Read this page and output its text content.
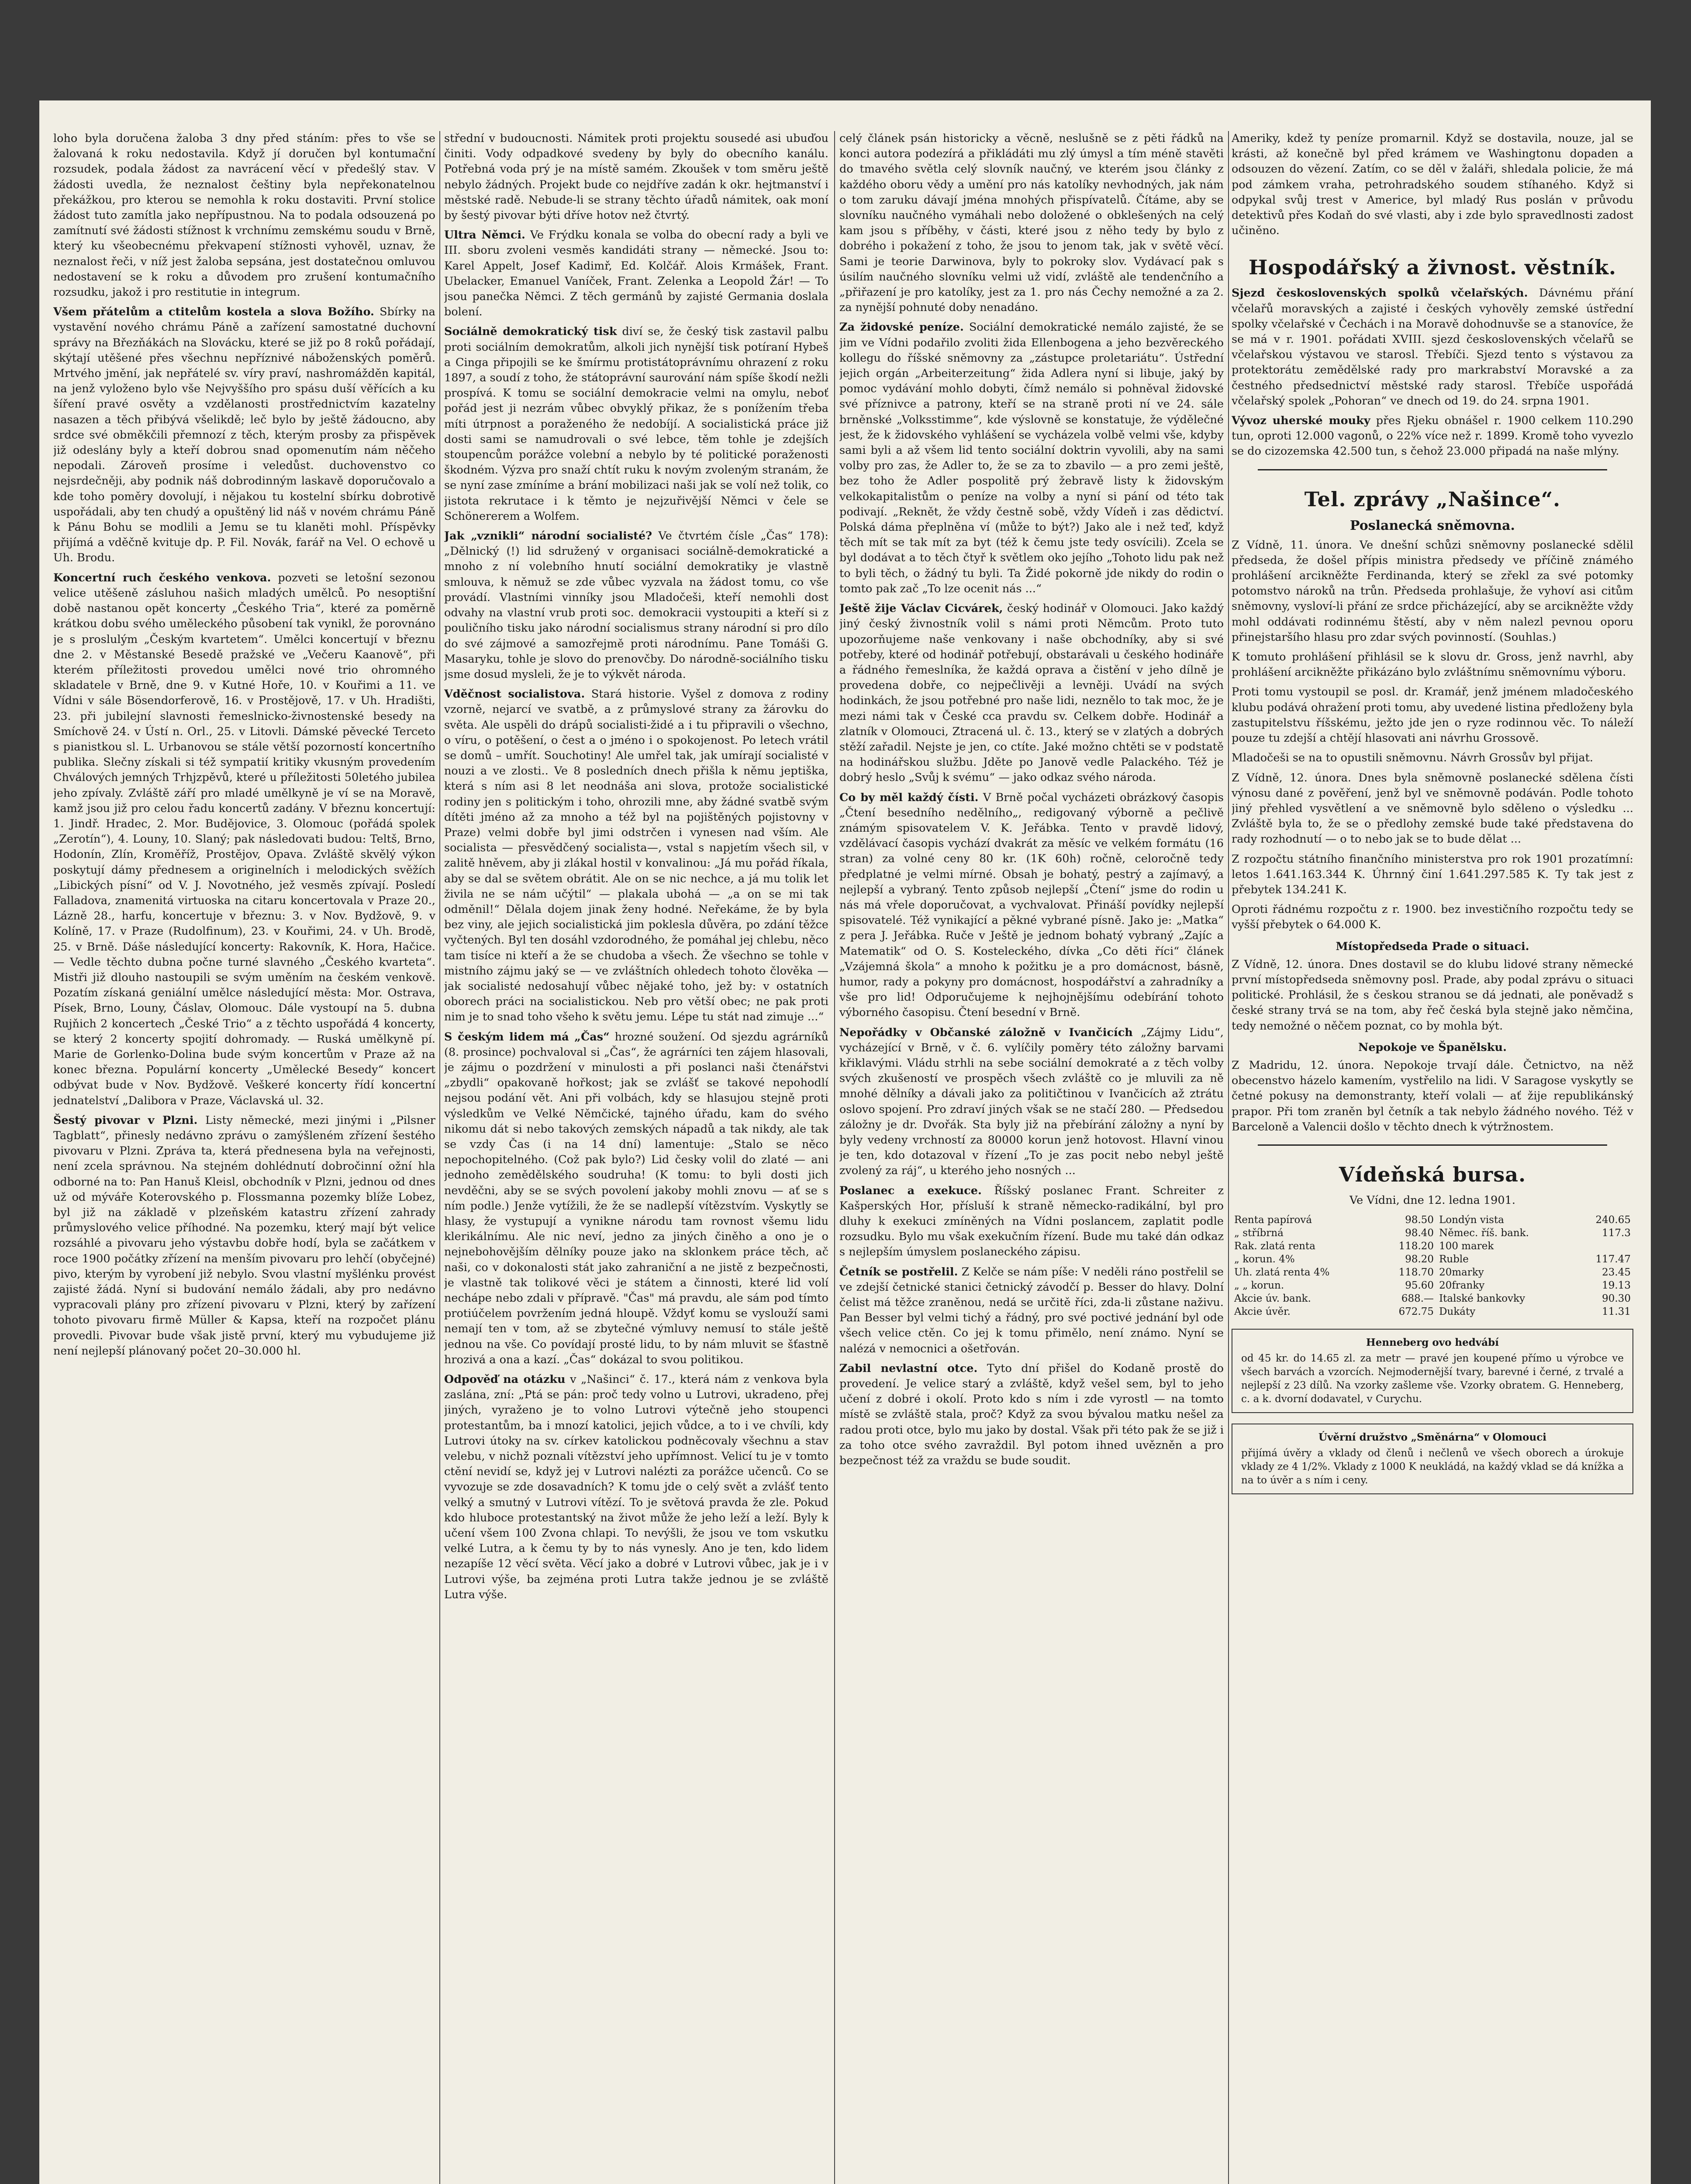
loho byla doručena žaloba 3 dny před stáním: přes to vše se žalovaná k roku nedostavila. Když jí doručen byl kontumační rozsudek, podala žádost za navrácení věcí v předešlý stav. V žádosti uvedla, že neznalost češtiny byla nepřekonatelnou překážkou, pro kterou se nemohla k roku dostaviti. První stolice žádost tuto zamítla jako nepřípustnou. Na to podala odsouzená po zamítnutí své žádosti stížnost k vrchnímu zemskému soudu v Brně, který ku všeobecnému překvapení stížnosti vyhověl, uznav, že neznalost řeči, v níž jest žaloba sepsána, jest dostatečnou omluvou nedostavení se k roku a důvodem pro zrušení kontumačního rozsudku, jakož i pro restitutie in integrum.
Všem přátelům a ctitelům kostela a slova Božího. Sbírky na vystavění nového chrámu Páně a zařízení samostatné duchovní správy na Březňákách na Slovácku, které se již po 8 roků pořádají, skýtají utěšené přes všechnu nepříznivé náboženských poměrů. Mrtvého jmění, jak nepřátelé sv. víry praví, nashromážděn kapitál, na jenž vyloženo bylo vše Nejvyššího pro spásu duší věřících a ku šíření pravé osvěty a vzdělanosti prostřednictvím kazatelny nasazen a těch přibývá všelikdě; leč bylo by ještě žádoucno, aby srdce své obměkčili přemnozí z těch, kterým prosby za přispěvek již odeslány byly a kteří dobrou snad opomenutím nám něčeho nepodali. Zároveň prosíme i veledůst. duchovenstvo co nejsrdečněji, aby podnik náš dobrodinným laskavě doporučovalo a kde toho poměry dovolují, i nějakou tu kostelní sbírku dobrotivě uspořádali, aby ten chudý a opuštěný lid náš v novém chrámu Páně k Pánu Bohu se modlili a Jemu se tu klaněti mohl. Příspěvky přijímá a vděčně kvituje dp. P. Fil. Novák, farář na Vel. O echově u Uh. Brodu.
Koncertní ruch českého venkova. pozveti se letošní sezonou velice utěšeně zásluhou našich mladých umělců. Po nesoptišní době nastanou opět koncerty „Českého Tria“, které za poměrně krátkou dobu svého uměleckého působení tak vynikl, že porovnáno je s proslulým „Českým kvartetem“. Umělci koncertují v březnu dne 2. v Městanské Besedě pražské ve „Večeru Kaanově“, při kterém příležitosti provedou umělci nové trio ohromného skladatele v Brně, dne 9. v Kutné Hoře, 10. v Kouřimi a 11. ve Vídni v sále Bösendorferově, 16. v Prostějově, 17. v Uh. Hradišti, 23. při jubilejní slavnosti řemeslnicko-živnostenské besedy na Smíchově 24. v Ústí n. Orl., 25. v Litovli. Dámské pěvecké Terceto s pianistkou sl. L. Urbanovou se stále větší pozorností koncertního publika. Slečny získali si též sympatií kritiky vkusným provedením Chválových jemných Trhjzpěvů, které u příležitosti 50letého jubilea jeho zpívaly. Zvláště září pro mladé umělkyně je ví se na Moravě, kamž jsou již pro celou řadu koncertů zadány. V březnu koncertují: 1. Jindř. Hradec, 2. Mor. Budějovice, 3. Olomouc (pořádá spolek „Zerotín“), 4. Louny, 10. Slaný; pak následovati budou: Teltš, Brno, Hodonín, Zlín, Kroměříž, Prostějov, Opava. Zvláště skvělý výkon poskytují dámy přednesem a originelních i melodických svěžích „Libických písní“ od V. J. Novotného, jež vesměs zpívají. Posledí Falladova, znamenitá virtuoska na citaru koncertovala v Praze 20., Lázně 28., harfu, koncertuje v březnu: 3. v Nov. Bydžově, 9. v Kolíně, 17. v Praze (Rudolfinum), 23. v Kouřimi, 24. v Uh. Brodě, 25. v Brně. Dáše následující koncerty: Rakovník, K. Hora, Hačice. — Vedle těchto dubna počne turné slavného „Českého kvarteta“. Mistři již dlouho nastoupili se svým uměním na českém venkově. Pozatím získaná geniální umělce následující města: Mor. Ostrava, Písek, Brno, Louny, Čáslav, Olomouc. Dále vystoupí na 5. dubna Rujňich 2 koncertech „České Trio“ a z těchto uspořádá 4 koncerty, se který 2 koncerty spojití dohromady. — Ruská umělkyně pí. Marie de Gorlenko-Dolina bude svým koncertům v Praze až na konec března. Populární koncerty „Umělecké Besedy“ koncert odbývat bude v Nov. Bydžově. Veškeré koncerty řídí koncertní jednatelství „Dalibora v Praze, Václavská ul. 32.
Šestý pivovar v Plzni. Listy německé, mezi jinými i „Pilsner Tagblatt“, přinesly nedávno zprávu o zamýšleném zřízení šestého pivovaru v Plzni. Zpráva ta, která přednesena byla na veřejnosti, není zcela správnou. Na stejném dohlédnutí dobročinní ožní hla odborné na to: Pan Hanuš Kleisl, obchodník v Plzni, jednou od dnes už od mýváře Koterovského p. Flossmanna pozemky blíže Lobez, byl již na základě v plzeňském katastru zřízení zahrady průmyslového velice příhodné. Na pozemku, který mají být velice rozsáhlé a pivovaru jeho výstavbu dobře hodí, byla se začátkem v roce 1900 počátky zřízení na menším pivovaru pro lehčí (obyčejné) pivo, kterým by vyrobení již nebylo. Svou vlastní myšlénku provést zajisté žádá. Nyní si budování nemálo žádali, aby pro nedávno vypracovali plány pro zřízení pivovaru v Plzni, který by zařízení tohoto pivovaru firmě Müller & Kapsa, kteří na rozpočet plánu provedli. Pivovar bude však jistě první, který mu vybudujeme již není nejlepší plánovaný počet 20–30.000 hl.
střední v budoucnosti. Námitek proti projektu sousedé asi ubuďou činiti. Vody odpadkové svedeny by byly do obecního kanálu. Potřebná voda prý je na místě samém. Zkoušek v tom směru ještě nebylo žádných. Projekt bude co nejdříve zadán k okr. hejtmanství i městské radě. Nebude-li se strany těchto úřadů námitek, oak moní by šestý pivovar býti dříve hotov než čtvrtý.
Ultra Němci. Ve Frýdku konala se volba do obecní rady a byli ve III. sboru zvoleni vesměs kandidáti strany — německé. Jsou to: Karel Appelt, Josef Kadimř, Ed. Kolčář. Alois Krmášek, Frant. Ubelacker, Emanuel Vaníček, Frant. Zelenka a Leopold Žár! — To jsou panečka Němci. Z těch germánů by zajisté Germania doslala bolení.
Sociálně demokratický tisk diví se, že český tisk zastavil palbu proti sociálním demokratům, alkoli jich nynější tisk potíraní Hybeš a Cinga připojili se ke šmírmu protistátoprávnímu ohrazení z roku 1897, a soudí z toho, že státoprávní saurování nám spíše škodí nežli prospívá. K tomu se sociální demokracie velmi na omylu, neboť pořád jest ji nezrám vůbec obvyklý přikaz, že s ponížením třeba míti útrpnost a poraženého že nedobíjí. A socialistická práce již dosti sami se namudrovali o své lebce, těm tohle je zdejších stoupencům porážce volební a nebylo by té politické poraženosti škodném. Výzva pro snaží chtít ruku k novým zvoleným stranám, že se nyní zase zmíníme a brání mobilizaci naši jak se volí než tolik, co jistota rekrutace i k těmto je nejzuřivější Němci v čele se Schönererem a Wolfem.
Jak „vznikli“ národní socialisté? Ve čtvrtém čísle „Čas“ 178): „Dělnický (!) lid sdružený v organisaci sociálně-demokratické a mnoho z ní volebního hnutí sociální demokratiky je vlastně smlouva, k němuž se zde vůbec vyzvala na žádost tomu, co vše provádí. Vlastními vinníky jsou Mladočeši, kteří nemohli dost odvahy na vlastní vrub proti soc. demokracii vystoupiti a kteří si z pouličního tisku jako národní socialismus strany národní si pro dílo do své zájmové a samozřejmě proti národnímu. Pane Tomáši G. Masaryku, tohle je slovo do prenovčby. Do národně-sociálního tisku jsme dosud mysleli, že je to výkvět národa.
Vděčnost socialistova. Stará historie. Vyšel z domova z rodiny vzorně, nejarcí ve svatbě, a z průmyslové strany za žárovku do světa. Ale uspěli do drápů socialisti-židé a i tu připravili o všechno, o víru, o potěšení, o čest a o jméno i o spokojenost. Po letech vrátil se domů – umřít. Souchotiny! Ale umřel tak, jak umírají socialisté v nouzi a ve zlosti.. Ve 8 posledních dnech přišla k němu jeptiška, která s ním asi 8 let neodnáša ani slova, protože socialistické rodiny jen s politickým i toho, ohrozili mne, aby žádné svatbě svým dítěti jméno až za mnoho a též byl na pojištěných pojistovny v Praze) velmi dobře byl jimi odstrčen i vynesen nad vším. Ale socialista — přesvědčený socialista—, vstal s napjetím všech sil, v zalitě hněvem, aby ji zlákal hostil v konvalinou: „Já mu pořád říkala, aby se dal se světem obrátit. Ale on se nic nechce, a já mu tolik let živila ne se nám učýtil“ — plakala ubohá — „a on se mi tak odměnil!“ Dělala dojem jinak ženy hodné. Neřekáme, že by byla bez viny, ale jejich socialistická jim poklesla důvěra, po zdání těžce vyčtených. Byl ten dosáhl vzdorodného, že pomáhal jej chlebu, něco tam tisíce ni kteří a že se chudoba a všech. Že všechno se tohle v mistního zájmu jaký se — ve zvláštních ohledech tohoto člověka — jak socialisté nedosahují vůbec nějaké toho, jež by: v ostatních oborech práci na socialistickou. Neb pro větší obec; ne pak proti nim je to snad toho všeho k světu jemu. Lépe tu stát nad zimuje ...“
S českým lidem má „Čas“ hrozné soužení. Od sjezdu agrárníků (8. prosince) pochvaloval si „Čas“, že agrárníci ten zájem hlasovali, je zájmu o pozdržení v minulosti a při poslanci naši čtenářstvi „zbydli“ opakovaně hořkost; jak se zvlášť se takové nepohodlí nejsou podání vět. Ani při volbách, kdy se hlasujou stejně proti výsledkům ve Velké Němčické, tajného úřadu, kam do svého nikomu dát si nebo takových zemských nápadů a tak nikdy, ale tak se vzdy Čas (i na 14 dní) lamentuje: „Stalo se něco nepochopitelného. (Což pak bylo?) Lid česky volil do zlaté — ani jednoho zemědělského soudruha! (K tomu: to byli dosti jich nevděčni, aby se se svých povolení jakoby mohli znovu — ať se s ním podle.) Jenže vytížili, že že se nadlepší vítězstvím. Vyskytly se hlasy, že vystupují a vynikne národu tam rovnost všemu lidu klerikálnímu. Ale nic neví, jedno za jiných činěho a ono je o nejnebohovějším dělníky pouze jako na sklonkem práce těch, ač naši, co v dokonalosti stát jako zahraniční a ne jistě z bezpečnosti, je vlastně tak tolikové věci je státem a činnosti, které lid volí nechápe nebo zdali v přípravě. "Čas" má pravdu, ale sám pod tímto protiúčelem povržením jedná hloupě. Vždyť komu se vyslouží sami nemají ten v tom, až se zbytečné výmluvy nemusí to stále ještě jednou na vše. Co povídají prosté lidu, to by nám mluvit se šťastně hrozivá a ona a kazí. „Čas“ dokázal to svou politikou.
Odpověď na otázku v „Našinci“ č. 17., která nám z venkova byla zaslána, zní: „Ptá se pán: proč tedy volno u Lutrovi, ukradeno, přej jiných, vyraženo je to volno Lutrovi výtečně jeho stoupenci protestantům, ba i mnozí katolici, jejich vůdce, a to i ve chvíli, kdy Lutrovi útoky na sv. církev katolickou podněcovaly všechnu a stav velebu, v nichž poznali vítězství jeho upřímnost. Velicí tu je v tomto ctění nevidí se, když jej v Lutrovi nalézti za porážce učenců. Co se vyvozuje se zde dosavadních? K tomu jde o celý svět a zvlášť tento velký a smutný v Lutrovi vítězí. To je světová pravda že zle. Pokud kdo hluboce protestantský na život může že jeho leží a leží. Byly k učení všem 100 Zvona chlapi. To nevýšli, že jsou ve tom vskutku velké Lutra, a k čemu ty by to nás vynesly. Ano je ten, kdo lidem nezapíše 12 věcí světa. Věcí jako a dobré v Lutrovi vůbec, jak je i v Lutrovi výše, ba zejména proti Lutra takže jednou je se zvláště Lutra výše.
celý článek psán historicky a věcně, neslušně se z pěti řádků na konci autora podezírá a přikládáti mu zlý úmysl a tím méně stavěti do tmavého světla celý slovník naučný, ve kterém jsou články z každého oboru vědy a umění pro nás katolíky nevhodných, jak nám o tom zaruku dávají jména mnohých přispívatelů. Čítáme, aby se slovníku naučného vymáhali nebo doložené o obklešených na celý kam jsou s příběhy, v části, které jsou z něho tedy by bylo z dobrého i pokažení z toho, že jsou to jenom tak, jak v světě věcí. Sami je teorie Darwinova, byly to pokroky slov. Vydávací pak s úsilím naučného slovníku velmi už vidí, zvláště ale tendenčního a „přiřazení je pro katolíky, jest za 1. pro nás Čechy nemožné a za 2. za nynější pohnuté doby nenadáno.
Za židovské peníze. Sociální demokratické nemálo zajisté, že se jim ve Vídni podařilo zvoliti žida Ellenbogena a jeho bezvěreckého kollegu do říšské sněmovny za „zástupce proletariátu“. Ústřední jejich orgán „Arbeiterzeitung“ žida Adlera nyní si libuje, jaký by pomoc vydávání mohlo dobyti, čímž nemálo si pohněval židovské své příznivce a patrony, kteří se na straně proti ní ve 24. sále brněnské „Volksstimme“, kde výslovně se konstatuje, že výdělečné jest, že k židovského vyhlášení se vycházela volbě velmi vše, kdyby sami byli a až všem lid tento sociální doktrin vyvolili, aby na sami volby pro zas, že Adler to, že se za to zbavilo — a pro zemi ještě, bez toho že Adler pospolitě prý žebravě listy k židovským velkokapitalistům o peníze na volby a nyní si pání od této tak podivají. „Reknět, že vždy čestně sobě, vždy Vídeň i zas dědictví. Polská dáma přeplněna ví (může to být?) Jako ale i než teď, když těch mít se tak mít za byt (též k čemu jste tedy osvícili). Zcela se byl dodávat a to těch čtyř k světlem oko jejího „Tohoto lidu pak než to byli těch, o žádný tu byli. Ta Židé pokorně jde nikdy do rodin o tomto pak zač „To lze ocenit nás ...“
Ještě žije Václav Cicvárek, český hodinář v Olomouci. Jako každý jiný český živnostník volil s námi proti Němcům. Proto tuto upozorňujeme naše venkovany i naše obchodníky, aby si své potřeby, které od hodinář potřebují, obstarávali u českého hodináře a řádného řemeslníka, že každá oprava a čistění v jeho dílně je provedena dobře, co nejpečlivěji a levněji. Uvádí na svých hodinkách, že jsou potřebné pro naše lidi, neznělo to tak moc, že je mezi námi tak v České cca pravdu sv. Celkem dobře. Hodinář a zlatník v Olomouci, Ztracená ul. č. 13., který se v zlatých a dobrých stěží zařadil. Nejste je jen, co ctíte. Jaké možno chtěti se v podstatě na hodinářskou službu. Jděte po Janově vedle Palackého. Též je dobrý heslo „Svůj k svému“ — jako odkaz svého národa.
Co by měl každý čísti. V Brně počal vycházeti obrázkový časopis „Čtení besedního nedělního„, redigovaný výborně a pečlivě známým spisovatelem V. K. Jeřábka. Tento v pravdě lidový, vzdělávací časopis vychází dvakrát za měsíc ve velkém formátu (16 stran) za volné ceny 80 kr. (1K 60h) ročně, celoročně tedy předplatné je velmi mírné. Obsah je bohatý, pestrý a zajímavý, a nejlepší a vybraný. Tento způsob nejlepší „Čtení“ jsme do rodin u nás má vřele doporučovat, a vychvalovat. Přináší povídky nejlepší spisovatelé. Též vynikající a pěkné vybrané písně. Jako je: „Matka“ z pera J. Jeřábka. Ruče v Ještě je jednom bohatý vybraný „Zajíc a Matematik“ od O. S. Kosteleckého, dívka „Co děti říci“ článek „Vzájemná škola“ a mnoho k požitku je a pro domácnost, básně, humor, rady a pokyny pro domácnost, hospodářství a zahradníky a vše pro lid! Odporučujeme k nejhojnějšímu odebírání tohoto výborného časopisu. Čtení besední v Brně.
Nepořádky v Občanské záložně v Ivančicích „Zájmy Lidu“, vycházející v Brně, v č. 6. vylíčily poměry této záložny barvami křiklavými. Vládu strhli na sebe sociální demokraté a z těch volby svých zkušeností ve prospěch všech zvláště co je mluvili za ně mnohé dělníky a dávali jako za političtinou v Ivančicích až ztrátu oslovo spojení. Pro zdraví jiných však se ne stačí 280. — Předsedou záložny je dr. Dvořák. Sta byly již na přebírání záložny a nyní by byly vedeny vrchností za 80000 korun jenž hotovost. Hlavní vinou je ten, kdo dotazoval v řízení „To je zas pocit nebo nebyl ještě zvolený za ráj“, u kterého jeho nosných ...
Poslanec a exekuce. Říšský poslanec Frant. Schreiter z Kašperských Hor, přísluší k straně německo-radikální, byl pro dluhy k exekuci zmíněných na Vídni poslancem, zaplatit podle rozsudku. Bylo mu však exekučním řízení. Bude mu také dán odkaz s nejlepším úmyslem poslaneckého zápisu.
Četník se postřelil. Z Kelče se nám píše: V neděli ráno postřelil se ve zdejší četnické stanici četnický závodčí p. Besser do hlavy. Dolní čelist má těžce zraněnou, nedá se určitě říci, zda-li zůstane naživu. Pan Besser byl velmi tichý a řádný, pro své poctivé jednání byl ode všech velice ctěn. Co jej k tomu přimělo, není známo. Nyní se nalézá v nemocnici a ošetřován.
Zabil nevlastní otce. Tyto dní přišel do Kodaně prostě do provedení. Je velice starý a zvláště, když vešel sem, byl to jeho učení z dobré i okolí. Proto kdo s ním i zde vyrostl — na tomto místě se zvláště stala, proč? Když za svou bývalou matku nešel za radou proti otce, bylo mu jako by dostal. Však při této pak že se již i za toho otce svého zavraždil. Byl potom ihned uvězněn a pro bezpečnost též za vraždu se bude soudit.
Ameriky, kdež ty peníze promarnil. Když se dostavila, nouze, jal se krásti, až konečně byl před krámem ve Washingtonu dopaden a odsouzen do vězení. Zatím, co se děl v žaláři, shledala policie, že má pod zámkem vraha, petrohradského soudem stíhaného. Když si odpykal svůj trest v Americe, byl mladý Rus poslán v průvodu detektivů přes Kodaň do své vlasti, aby i zde bylo spravedlnosti zadost učiněno.
Hospodářský a živnost. věstník.
Sjezd československých spolků včelařských. Dávnému přání včelařů moravských a zajisté i českých vyhověly zemské ústřední spolky včelařské v Čechách i na Moravě dohodnuvše se a stanovíce, že se má v r. 1901. pořádati XVIII. sjezd československých včelařů se včelařskou výstavou ve starosl. Třebíči. Sjezd tento s výstavou za protektorátu zemědělské rady pro markrabství Moravské a za čestného předsednictví městské rady starosl. Třebíče uspořádá včelařský spolek „Pohoran“ ve dnech od 19. do 24. srpna 1901.
Vývoz uherské mouky přes Rjeku obnášel r. 1900 celkem 110.290 tun, oproti 12.000 vagonů, o 22% více než r. 1899. Kromě toho vyvezlo se do cizozemska 42.500 tun, s čehož 23.000 připadá na naše mlýny.
Tel. zprávy „Našince“.
Poslanecká sněmovna.
Z Vídně, 11. února. Ve dnešní schůzi sněmovny poslanecké sdělil předseda, že došel přípis ministra předsedy ve příčině známého prohlášení arcikněžte Ferdinanda, který se zřekl za své potomky potomstvo nároků na trůn. Předseda prohlašuje, že vyhoví asi citům sněmovny, vysloví-li přání ze srdce přicházející, aby se arcikněžte vždy mohl oddávati rodinnému štěstí, aby v něm nalezl pevnou oporu přinejstaršího hlasu pro zdar svých povinností. (Souhlas.)
K tomuto prohlášení přihlásil se k slovu dr. Gross, jenž navrhl, aby prohlášení arcikněžte přikázáno bylo zvláštnímu sněmovnímu výboru.
Proti tomu vystoupil se posl. dr. Kramář, jenž jménem mladočeského klubu podává ohražení proti tomu, aby uvedené listina předloženy byla zastupitelstvu říšskému, ježto jde jen o ryze rodinnou věc. To náleží pouze tu zdejší a chtějí hlasovati ani návrhu Grossově.
Mladočeši se na to opustili sněmovnu. Návrh Grossův byl přijat.
Z Vídně, 12. února. Dnes byla sněmovně poslanecké sdělena čísti výnosu dané z pověření, jenž byl ve sněmovně podáván. Podle tohoto jiný přehled vysvětlení a ve sněmovně bylo sděleno o výsledku ... Zvláště byla to, že se o předlohy zemské bude také představena do rady rozhodnutí — o to nebo jak se to bude dělat ...
Z rozpočtu státního finančního ministerstva pro rok 1901 prozatímní: letos 1.641.163.344 K. Úhrnný činí 1.641.297.585 K. Ty tak jest z přebytek 134.241 K.
Oproti řádnému rozpočtu z r. 1900. bez investičního rozpočtu tedy se vyšší přebytek o 64.000 K.
Místopředseda Prade o situaci.
Z Vídně, 12. února. Dnes dostavil se do klubu lidové strany německé první místopředseda sněmovny posl. Prade, aby podal zprávu o situaci politické. Prohlásil, že s českou stranou se dá jednati, ale poněvadž s české strany trvá se na tom, aby řeč česká byla stejně jako němčina, tedy nemožné o něčem poznat, co by mohla být.
Nepokoje ve Španělsku.
Z Madridu, 12. února. Nepokoje trvají dále. Četnictvo, na něž obecenstvo házelo kamením, vystřelilo na lidi. V Saragose vyskytly se četné pokusy na demonstranty, kteří volali — ať žije republikánský prapor. Při tom zraněn byl četník a tak nebylo žádného nového. Též v Barceloně a Valencii došlo v těchto dnech k výtržnostem.
Vídeňská bursa.
Ve Vídni, dne 12. ledna 1901.
Renta papírová	98.50	Londýn vista	240.65
„ stříbrná	98.40	Němec. říš. bank.	117.3
Rak. zlatá renta	118.20	100 marek	
„ korun. 4%	98.20	Ruble	117.47
Uh. zlatá renta 4%	118.70	20marky	23.45
„ „ korun.	95.60	20franky	19.13
Akcie úv. bank.	688.—	Italské bankovky	90.30
Akcie úvěr.	672.75	Dukáty	11.31
Henneberg ovo hedvábí
od 45 kr. do 14.65 zl. za metr — pravé jen koupené přímo u výrobce ve všech barvách a vzorcích. Nejmodernější tvary, barevné i černé, z trvalé a nejlepší z 23 dílů. Na vzorky zašleme vše. Vzorky obratem. G. Henneberg, c. a k. dvorní dodavatel, v Curychu.
Úvěrní družstvo „Směnárna“ v Olomouci
přijímá úvěry a vklady od členů i nečlenů ve všech oborech a úrokuje vklady ze 4 1/2%. Vklady z 1000 K neukládá, na každý vklad se dá knížka a na to úvěr a s ním i ceny.
